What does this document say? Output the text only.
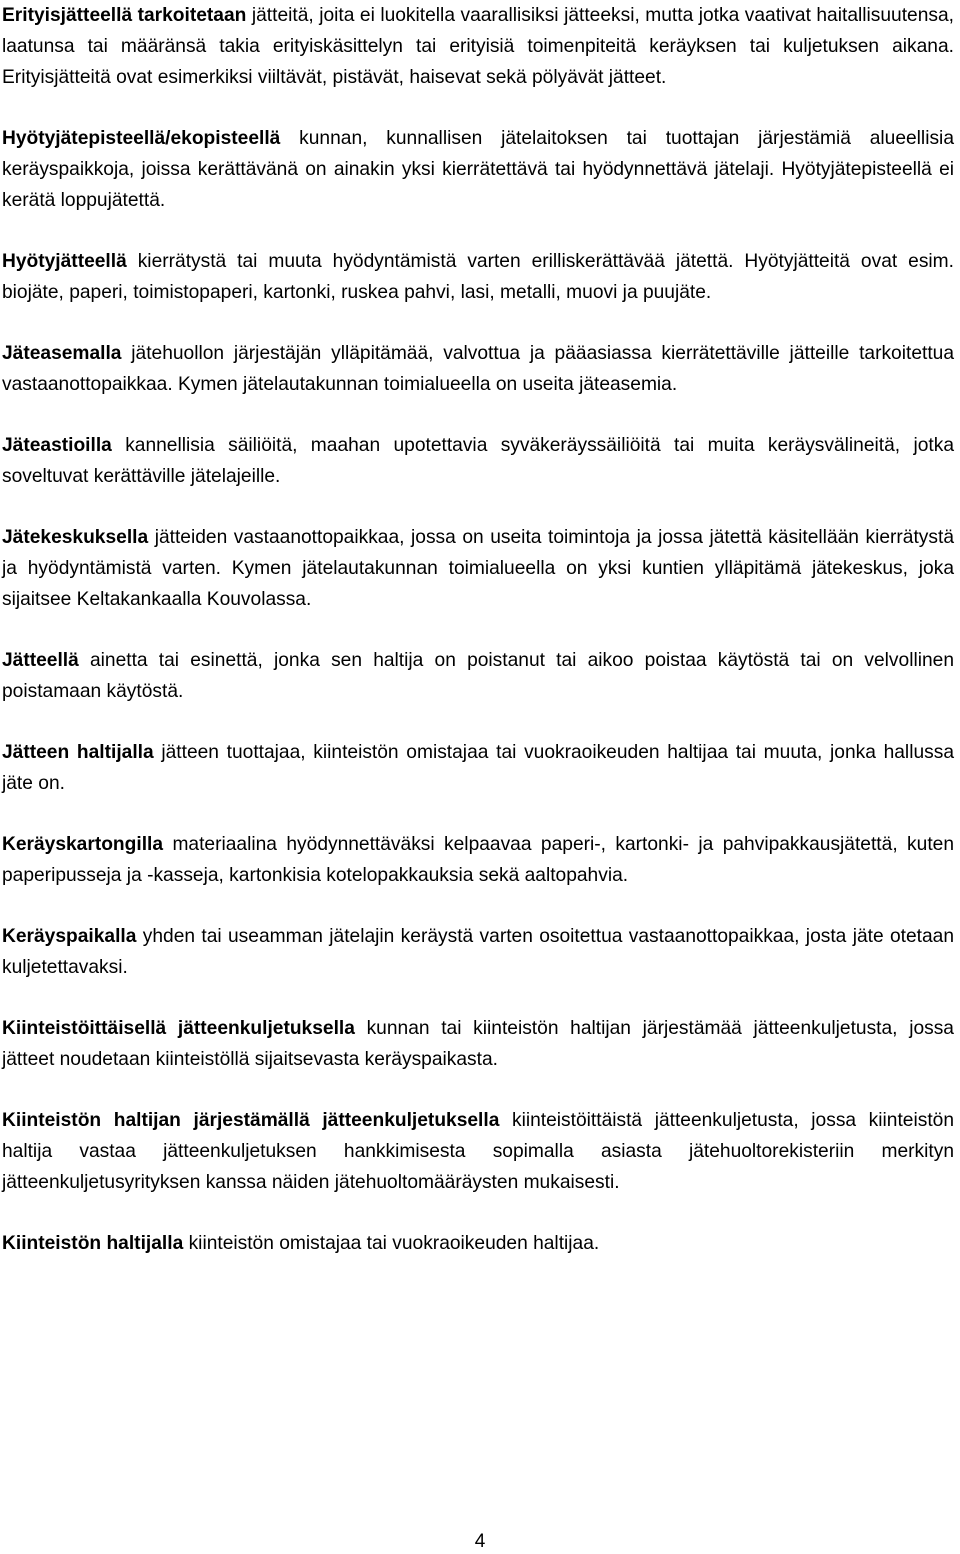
Erityisjätteellä tarkoitetaan jätteitä, joita ei luokitella vaarallisiksi jätteeksi, mutta jotka vaativat haitallisuutensa, laatunsa tai määränsä takia erityiskäsittelyn tai erityisiä toimenpiteitä keräyksen tai kuljetuksen aikana. Erityisjätteitä ovat esimerkiksi viiltävät, pistävät, haisevat sekä pölyävät jätteet.

Hyötyjätepisteellä/ekopisteellä kunnan, kunnallisen jätelaitoksen tai tuottajan järjestämiä alueellisia keräyspaikkoja, joissa kerättävänä on ainakin yksi kierrätettävä tai hyödynnettävä jätelaji. Hyötyjätepisteellä ei kerätä loppujätettä.

Hyötyjätteellä kierrätystä tai muuta hyödyntämistä varten erilliskerättävää jätettä. Hyötyjätteitä ovat esim. biojäte, paperi, toimistopaperi, kartonki, ruskea pahvi, lasi, metalli, muovi ja puujäte.

Jäteasemalla jätehuollon järjestäjän ylläpitämää, valvottua ja pääasiassa kierrätettäville jätteille tarkoitettua vastaanottopaikkaa. Kymen jätelautakunnan toimialueella on useita jäteasemia.

Jäteastioilla kannellisia säiliöitä, maahan upotettavia syväkeräyssäiliöitä tai muita keräysvälineitä, jotka soveltuvat kerättäville jätelajeille.

Jätekeskuksella jätteiden vastaanottopaikkaa, jossa on useita toimintoja ja jossa jätettä käsitellään kierrätystä ja hyödyntämistä varten. Kymen jätelautakunnan toimialueella on yksi kuntien ylläpitämä jätekeskus, joka sijaitsee Keltakankaalla Kouvolassa.

Jätteellä ainetta tai esinettä, jonka sen haltija on poistanut tai aikoo poistaa käytöstä tai on velvollinen poistamaan käytöstä.

Jätteen haltijalla jätteen tuottajaa, kiinteistön omistajaa tai vuokraoikeuden haltijaa tai muuta, jonka hallussa jäte on.

Keräyskartongilla materiaalina hyödynnettäväksi kelpaavaa paperi-, kartonki- ja pahvipakkausjätettä, kuten paperipusseja ja -kasseja, kartonkisia kotelopakkauksia sekä aaltopahvia.

Keräyspaikalla yhden tai useamman jätelajin keräystä varten osoitettua vastaanottopaikkaa, josta jäte otetaan kuljetettavaksi.

Kiinteistöittäisellä jätteenkuljetuksella kunnan tai kiinteistön haltijan järjestämää jätteenkuljetusta, jossa jätteet noudetaan kiinteistöllä sijaitsevasta keräyspaikasta.

Kiinteistön haltijan järjestämällä jätteenkuljetuksella kiinteistöittäistä jätteenkuljetusta, jossa kiinteistön haltija vastaa jätteenkuljetuksen hankkimisesta sopimalla asiasta jätehuoltorekisteriin merkityn jätteenkuljetusyrityksen kanssa näiden jätehuoltomääräysten mukaisesti.

Kiinteistön haltijalla kiinteistön omistajaa tai vuokraoikeuden haltijaa.

4
